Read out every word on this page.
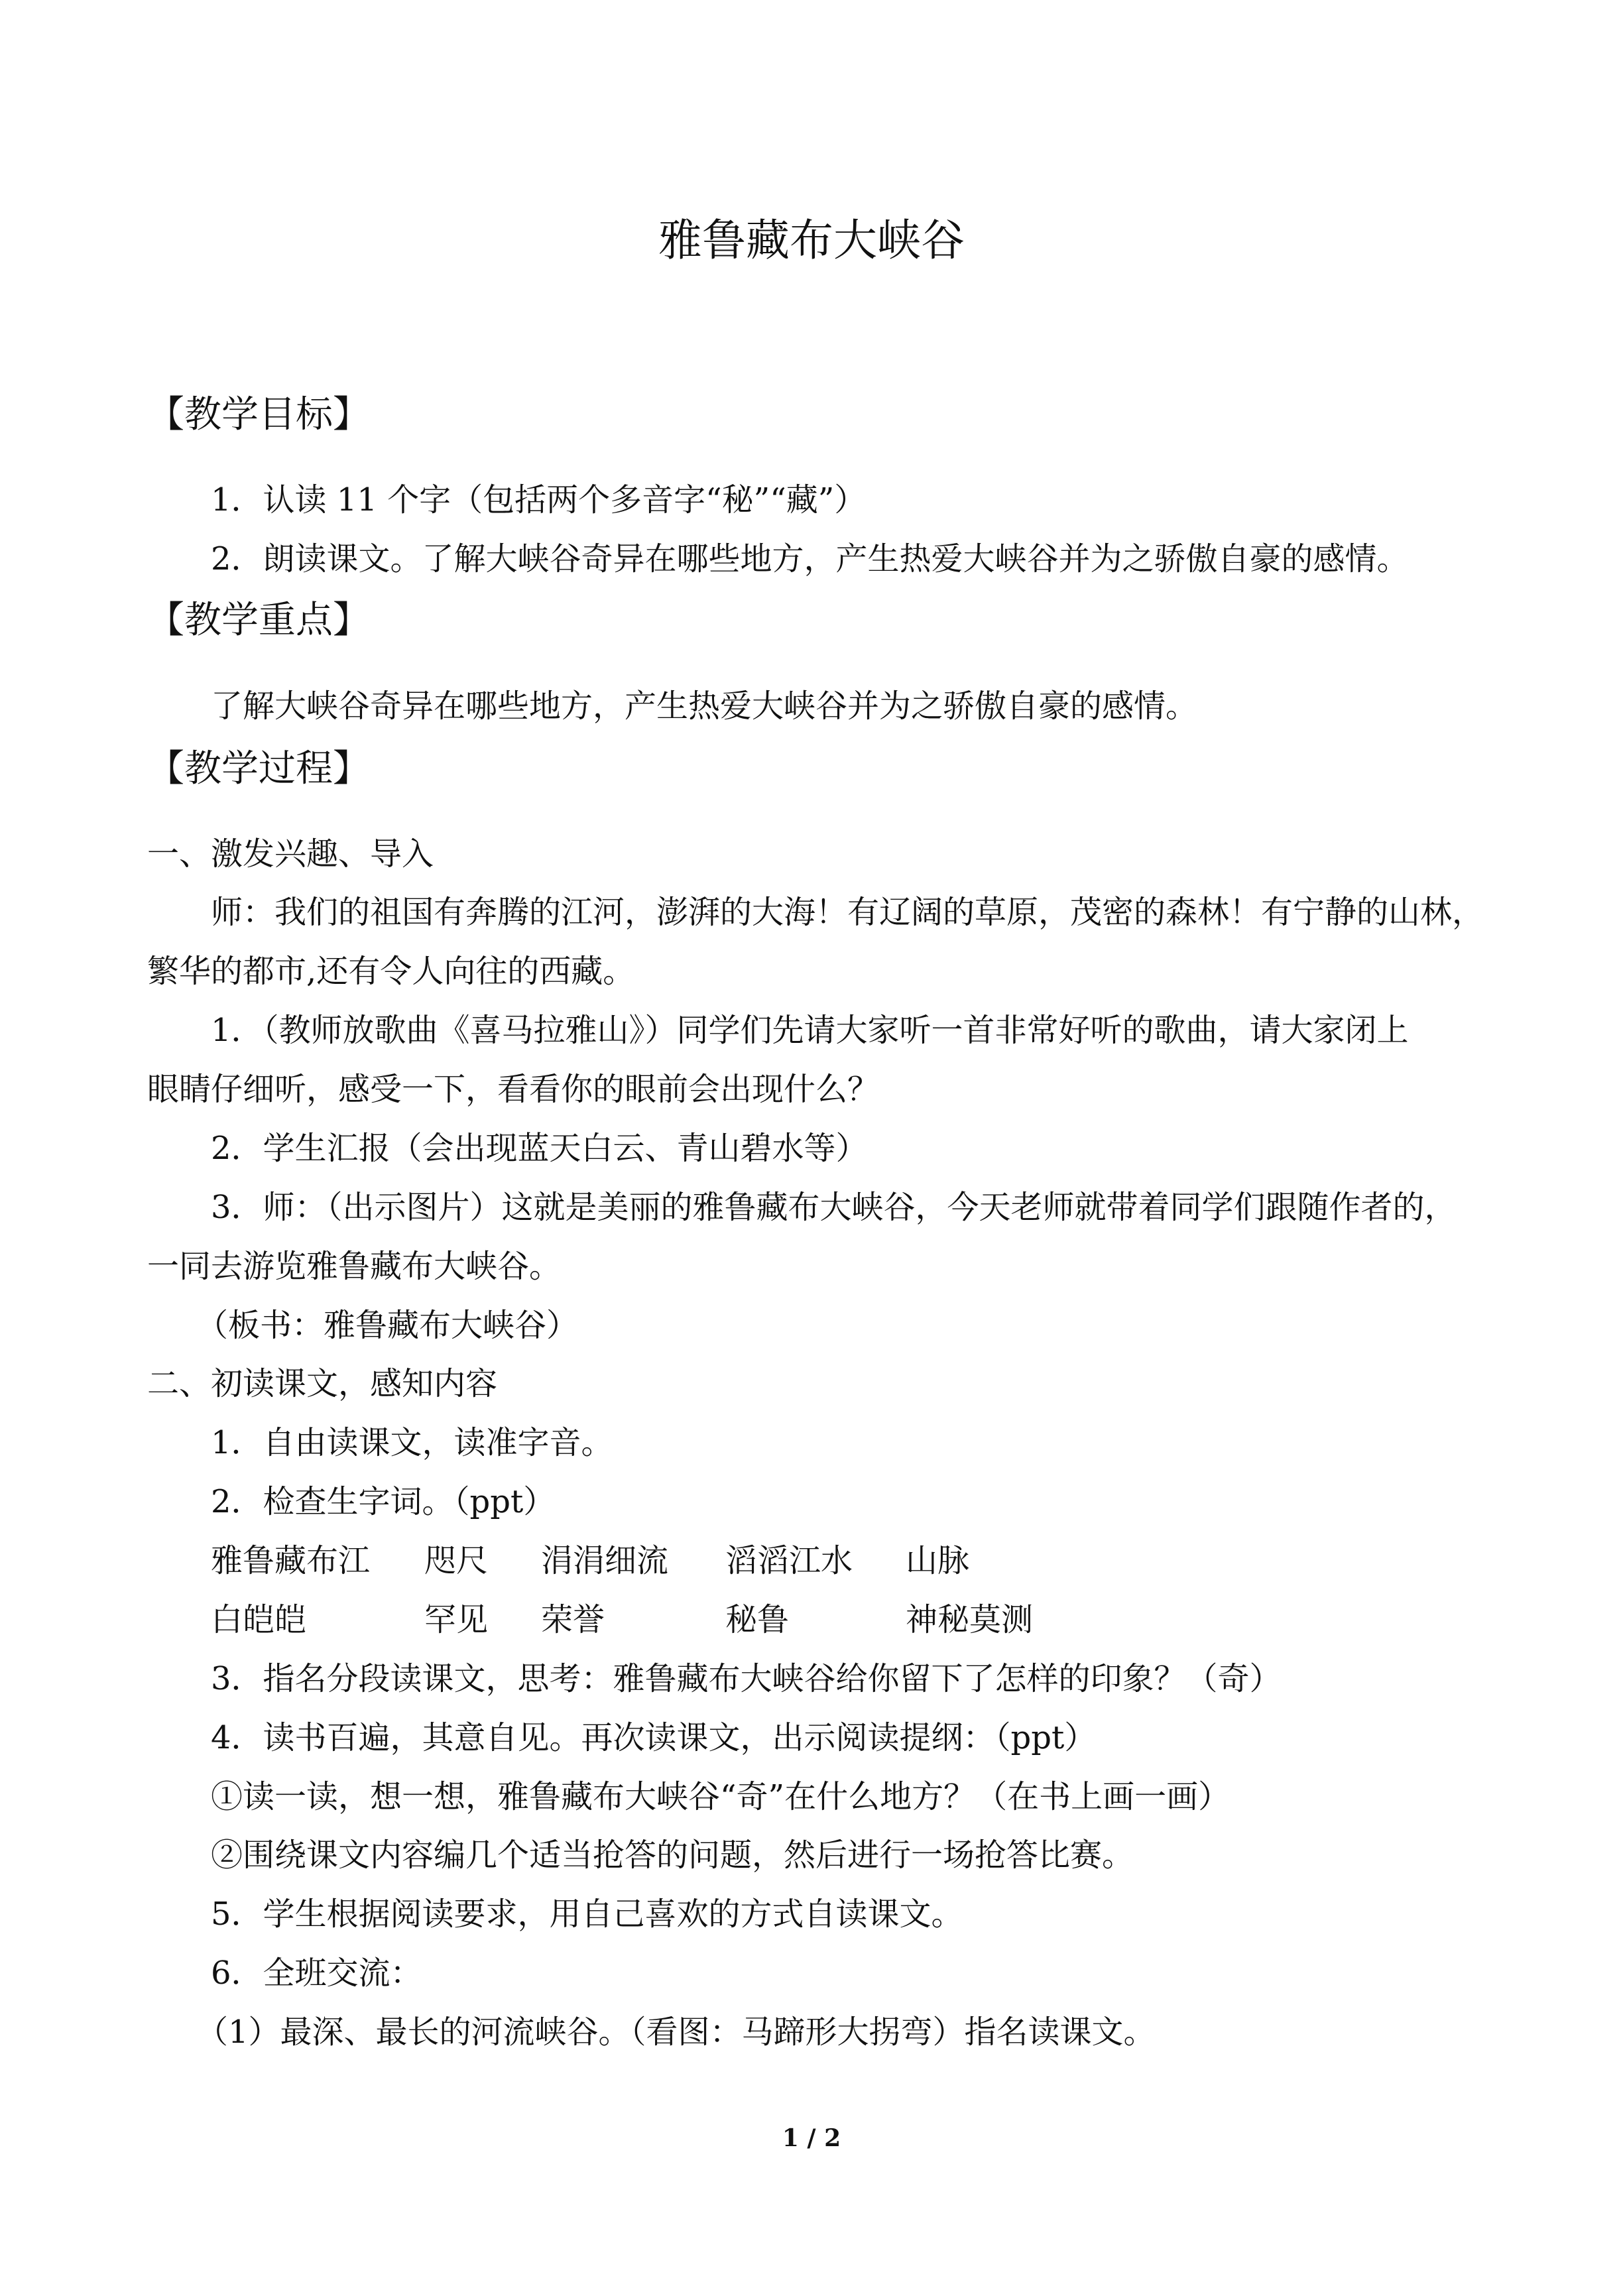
雅鲁藏布大峡谷
【教学目标】
1．认读 11 个字（包括两个多音字“秘”“藏”）
2．朗读课文。了解大峡谷奇异在哪些地方，产生热爱大峡谷并为之骄傲自豪的感情。
【教学重点】
了解大峡谷奇异在哪些地方，产生热爱大峡谷并为之骄傲自豪的感情。
【教学过程】
一、激发兴趣、导入
师：我们的祖国有奔腾的江河，澎湃的大海！有辽阔的草原，茂密的森林！有宁静的山林，
繁华的都市,还有令人向往的西藏。
1．（教师放歌曲《喜马拉雅山》）同学们先请大家听一首非常好听的歌曲，请大家闭上
眼睛仔细听，感受一下，看看你的眼前会出现什么？
2．学生汇报（会出现蓝天白云、青山碧水等）
3．师：（出示图片）这就是美丽的雅鲁藏布大峡谷，今天老师就带着同学们跟随作者的，
一同去游览雅鲁藏布大峡谷。
（板书：雅鲁藏布大峡谷）
二、初读课文，感知内容
1．自由读课文，读准字音。
2．检查生字词。（ppt）
雅鲁藏布江 咫尺 涓涓细流 滔滔江水 山脉
白皑皑	罕见 荣誉	秘鲁	神秘莫测
3．指名分段读课文，思考：雅鲁藏布大峡谷给你留下了怎样的印象？（奇）
4．读书百遍，其意自见。再次读课文，出示阅读提纲：（ppt）
①读一读，想一想，雅鲁藏布大峡谷“奇”在什么地方？（在书上画一画）
②围绕课文内容编几个适当抢答的问题，然后进行一场抢答比赛。
5．学生根据阅读要求，用自己喜欢的方式自读课文。
6．全班交流：
（1）最深、最长的河流峡谷。（看图：马蹄形大拐弯）指名读课文。
1 / 2
